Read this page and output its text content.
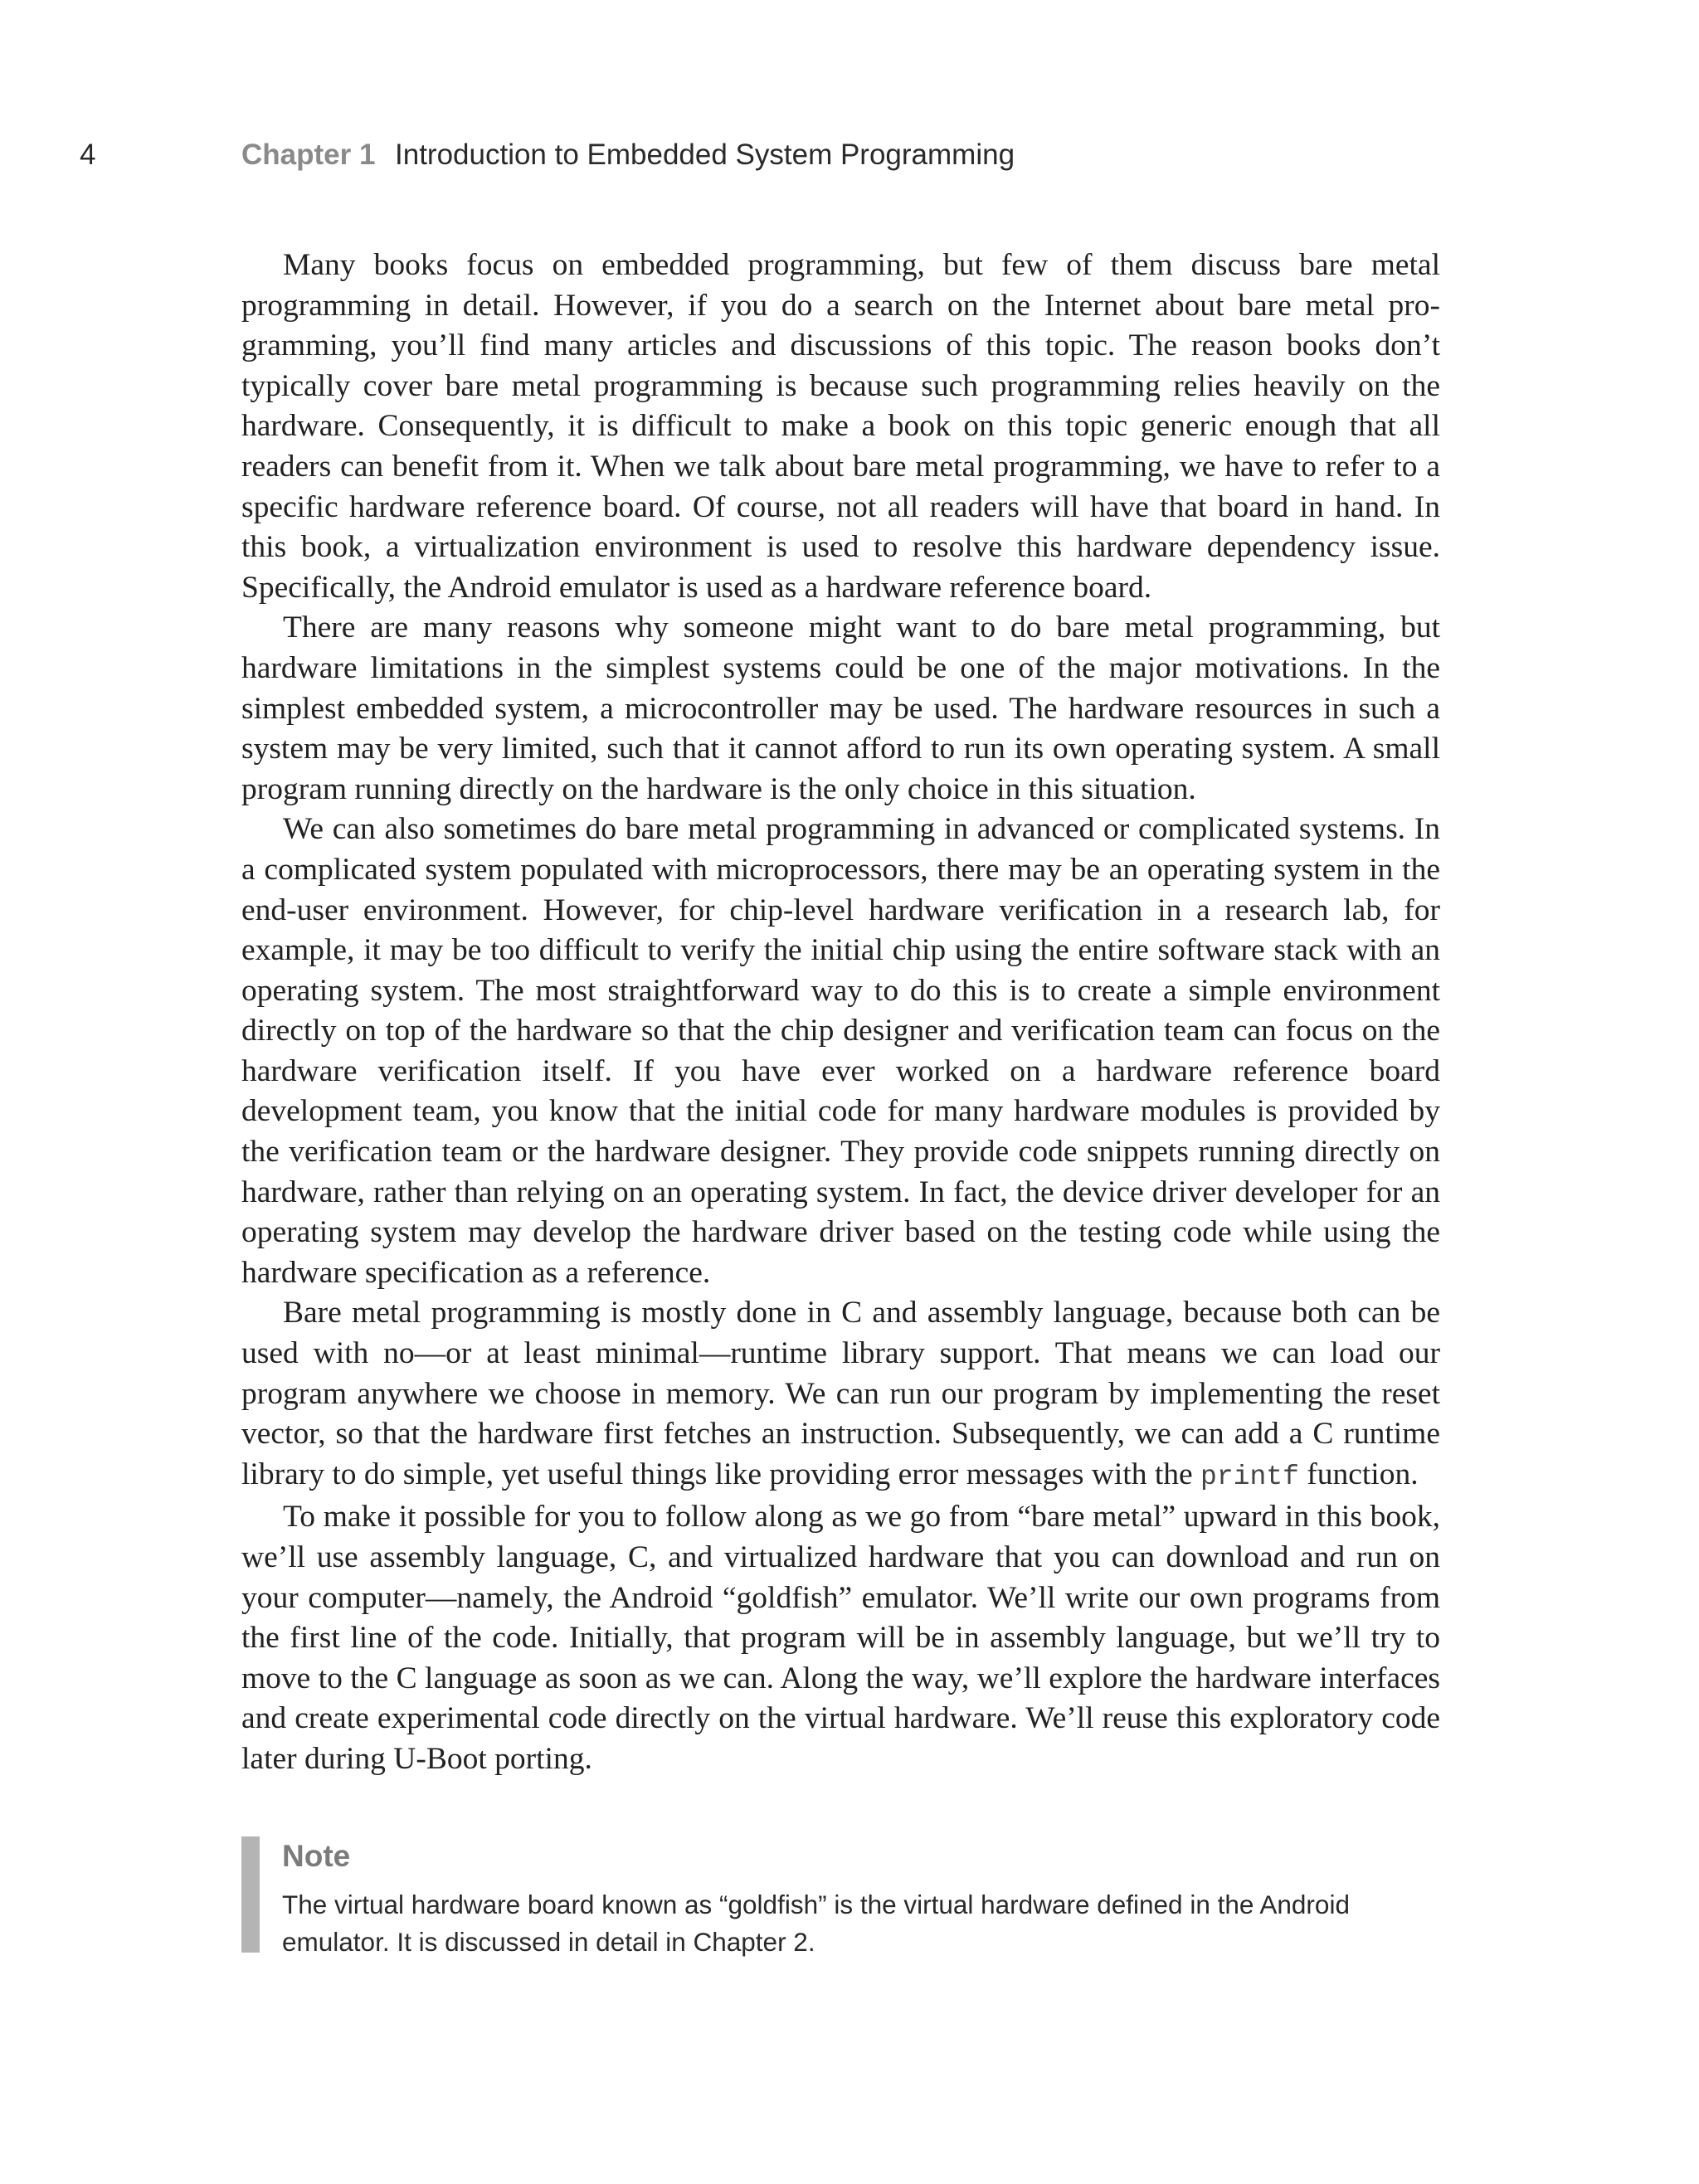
4	Chapter 1 Introduction to Embedded System Programming

Many books focus on embedded programming, but few of them discuss bare metal programming in detail. However, if you do a search on the Internet about bare metal programming, you’ll find many articles and discussions of this topic. The reason books don’t typically cover bare metal programming is because such programming relies heavily on the hardware. Consequently, it is difficult to make a book on this topic generic enough that all readers can benefit from it. When we talk about bare metal programming, we have to refer to a specific hardware reference board. Of course, not all readers will have that board in hand. In this book, a virtualization environment is used to resolve this hardware dependency issue. Specifically, the Android emulator is used as a hardware reference board.

There are many reasons why someone might want to do bare metal programming, but hardware limitations in the simplest systems could be one of the major motivations. In the simplest embedded system, a microcontroller may be used. The hardware resources in such a system may be very limited, such that it cannot afford to run its own operating system. A small program running directly on the hardware is the only choice in this situation.

We can also sometimes do bare metal programming in advanced or complicated systems. In a complicated system populated with microprocessors, there may be an operating system in the end-user environment. However, for chip-level hardware verification in a research lab, for example, it may be too difficult to verify the initial chip using the entire software stack with an operating system. The most straightforward way to do this is to create a simple environment directly on top of the hardware so that the chip designer and verification team can focus on the hardware verification itself. If you have ever worked on a hardware reference board development team, you know that the initial code for many hardware modules is provided by the verification team or the hardware designer. They provide code snippets running directly on hardware, rather than relying on an operating system. In fact, the device driver developer for an operating system may develop the hardware driver based on the testing code while using the hardware specification as a reference.

Bare metal programming is mostly done in C and assembly language, because both can be used with no—or at least minimal—runtime library support. That means we can load our program anywhere we choose in memory. We can run our program by implementing the reset vector, so that the hardware first fetches an instruction. Subsequently, we can add a C runtime library to do simple, yet useful things like providing error messages with the printf function.

To make it possible for you to follow along as we go from “bare metal” upward in this book, we’ll use assembly language, C, and virtualized hardware that you can download and run on your computer—namely, the Android “goldfish” emulator. We’ll write our own programs from the first line of the code. Initially, that program will be in assembly language, but we’ll try to move to the C language as soon as we can. Along the way, we’ll explore the hardware interfaces and create experimental code directly on the virtual hardware. We’ll reuse this exploratory code later during U-Boot porting.

Note
The virtual hardware board known as “goldfish” is the virtual hardware defined in the Android emulator. It is discussed in detail in Chapter 2.
